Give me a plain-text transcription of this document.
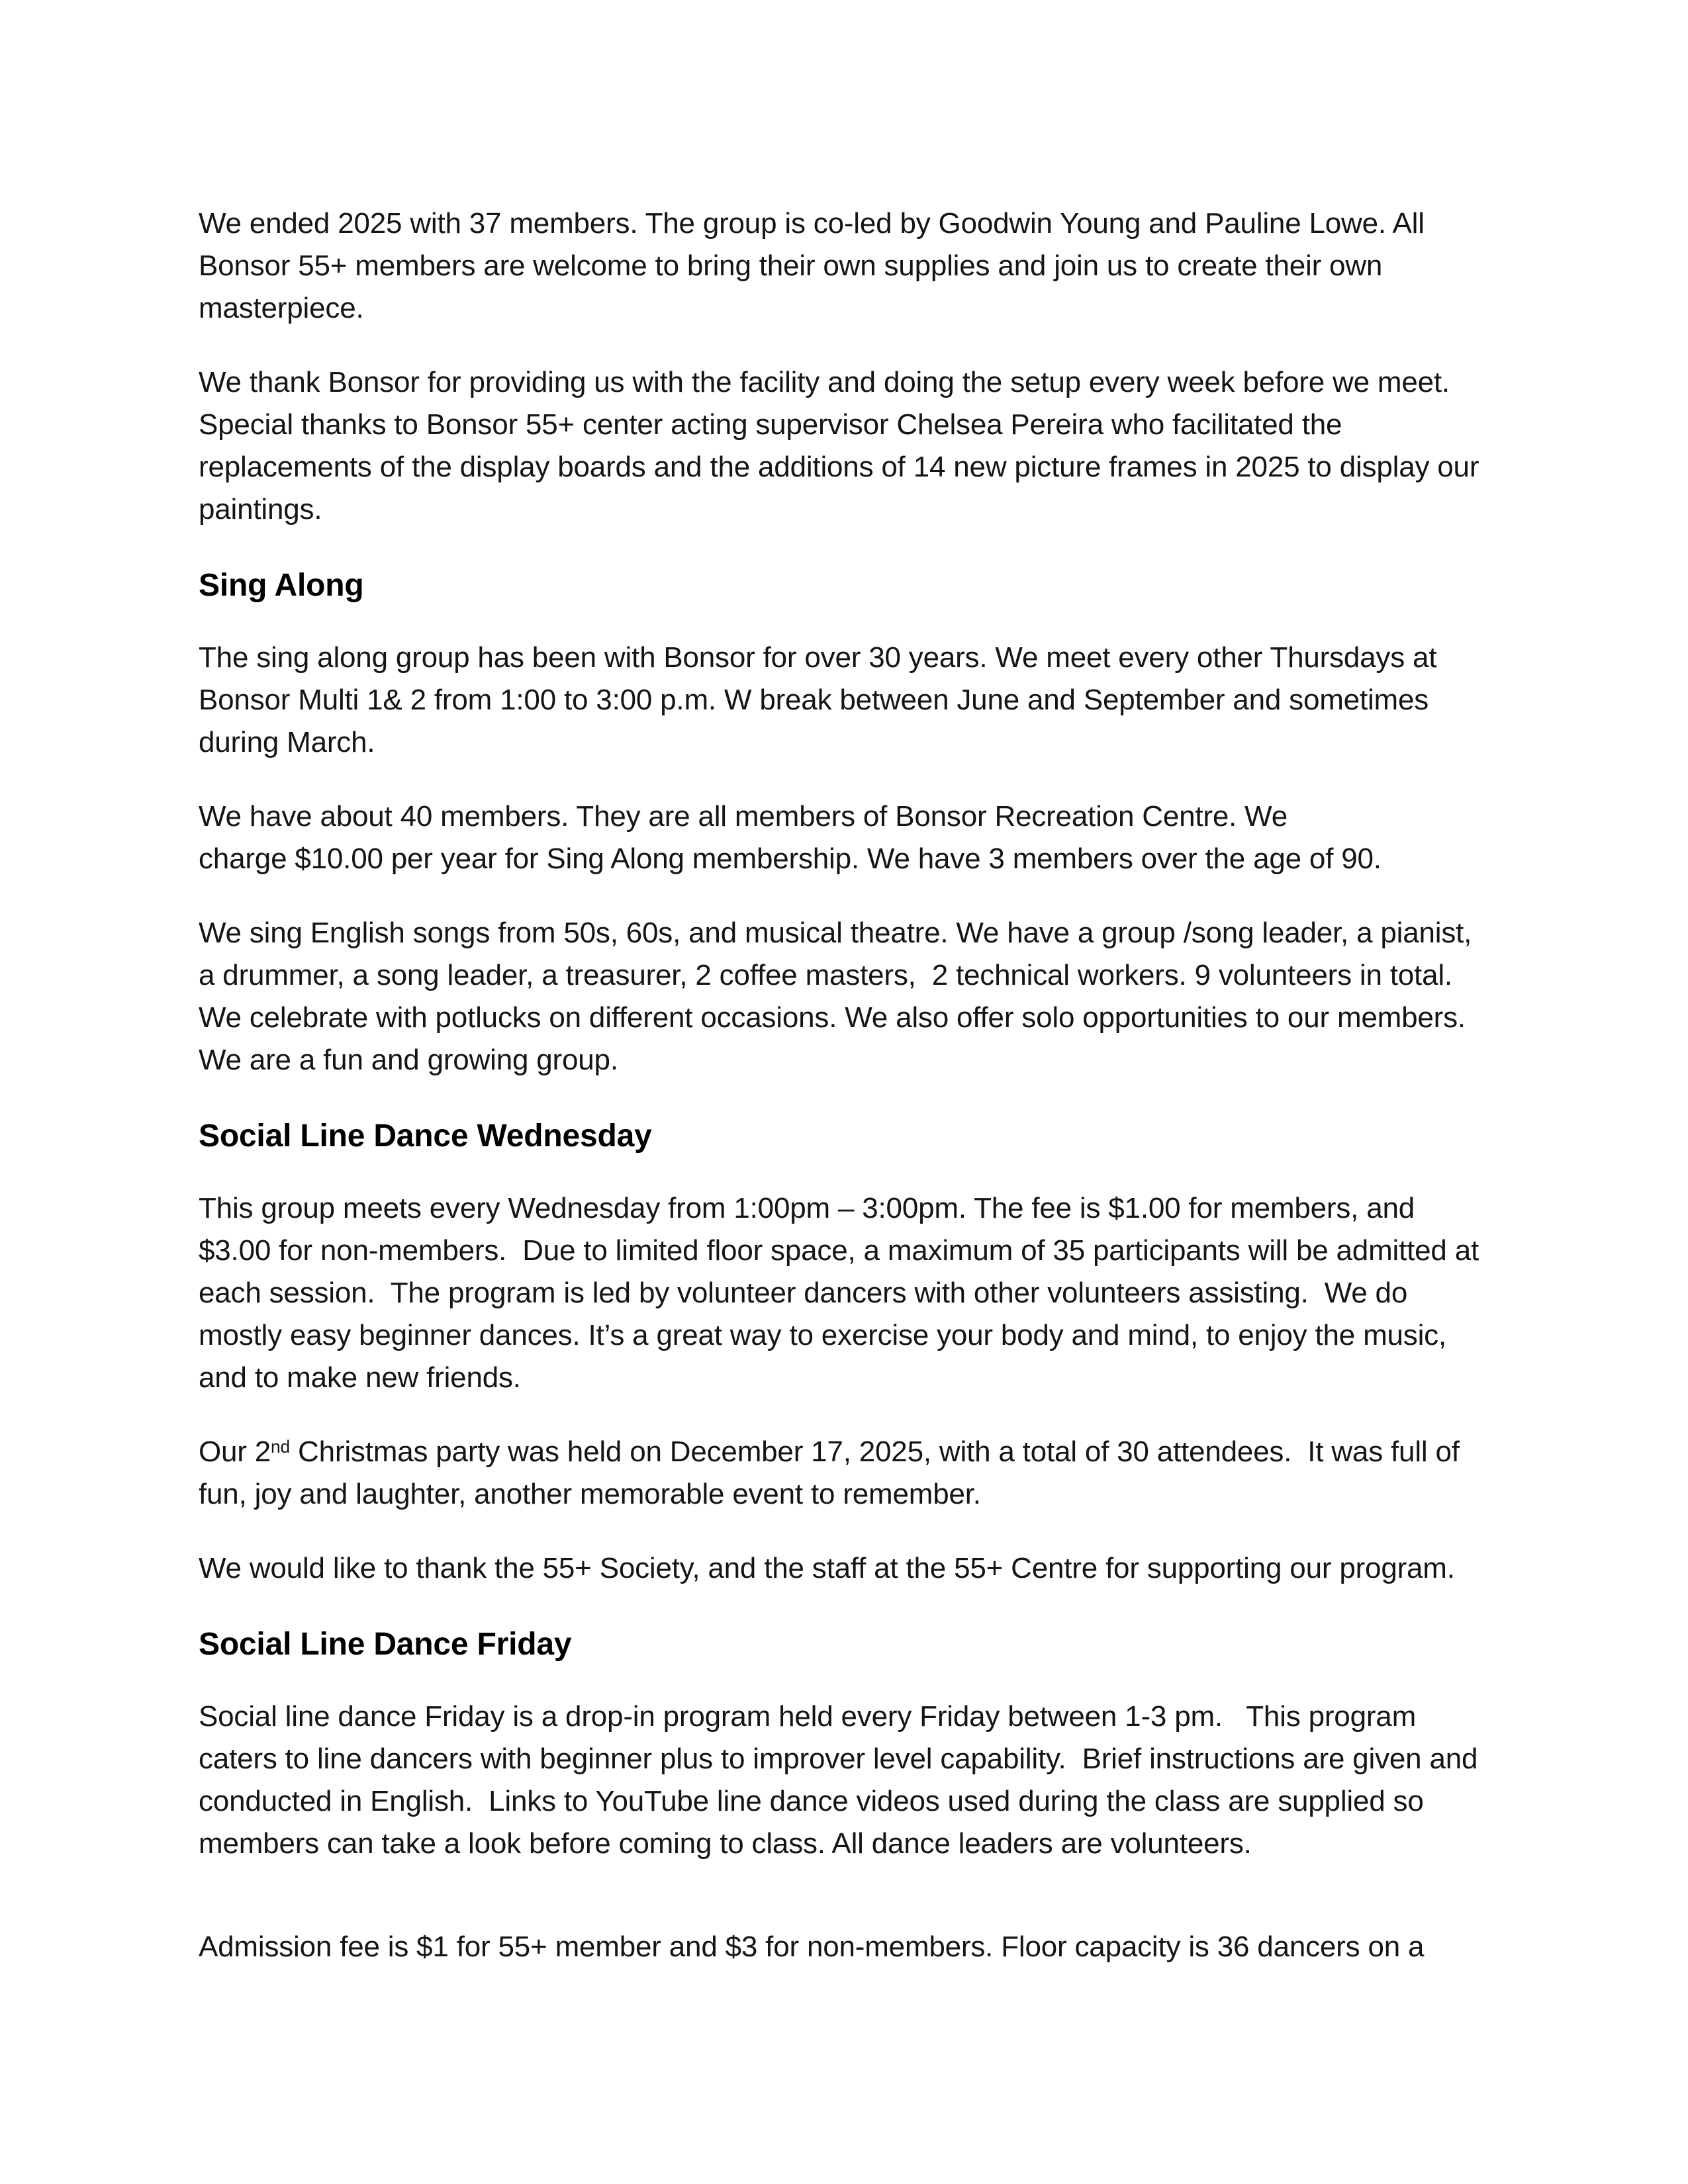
We ended 2025 with 37 members. The group is co-led by Goodwin Young and Pauline Lowe. All Bonsor 55+ members are welcome to bring their own supplies and join us to create their own masterpiece.

We thank Bonsor for providing us with the facility and doing the setup every week before we meet. Special thanks to Bonsor 55+ center acting supervisor Chelsea Pereira who facilitated the replacements of the display boards and the additions of 14 new picture frames in 2025 to display our paintings.

Sing Along

The sing along group has been with Bonsor for over 30 years. We meet every other Thursdays at Bonsor Multi 1& 2 from 1:00 to 3:00 p.m. W break between June and September and sometimes during March.

We have about 40 members. They are all members of Bonsor Recreation Centre. We
charge $10.00 per year for Sing Along membership. We have 3 members over the age of 90.

We sing English songs from 50s, 60s, and musical theatre. We have a group /song leader, a pianist, a drummer, a song leader, a treasurer, 2 coffee masters,  2 technical workers. 9 volunteers in total.  We celebrate with potlucks on different occasions. We also offer solo opportunities to our members. We are a fun and growing group.

Social Line Dance Wednesday

This group meets every Wednesday from 1:00pm – 3:00pm. The fee is $1.00 for members, and $3.00 for non-members.  Due to limited floor space, a maximum of 35 participants will be admitted at each session.  The program is led by volunteer dancers with other volunteers assisting.  We do mostly easy beginner dances. It’s a great way to exercise your body and mind, to enjoy the music, and to make new friends.

Our 2nd Christmas party was held on December 17, 2025, with a total of 30 attendees.  It was full of fun, joy and laughter, another memorable event to remember.

We would like to thank the 55+ Society, and the staff at the 55+ Centre for supporting our program.

Social Line Dance Friday

Social line dance Friday is a drop-in program held every Friday between 1-3 pm.   This program caters to line dancers with beginner plus to improver level capability.  Brief instructions are given and conducted in English.  Links to YouTube line dance videos used during the class are supplied so members can take a look before coming to class. All dance leaders are volunteers.

Admission fee is $1 for 55+ member and $3 for non-members. Floor capacity is 36 dancers on a
